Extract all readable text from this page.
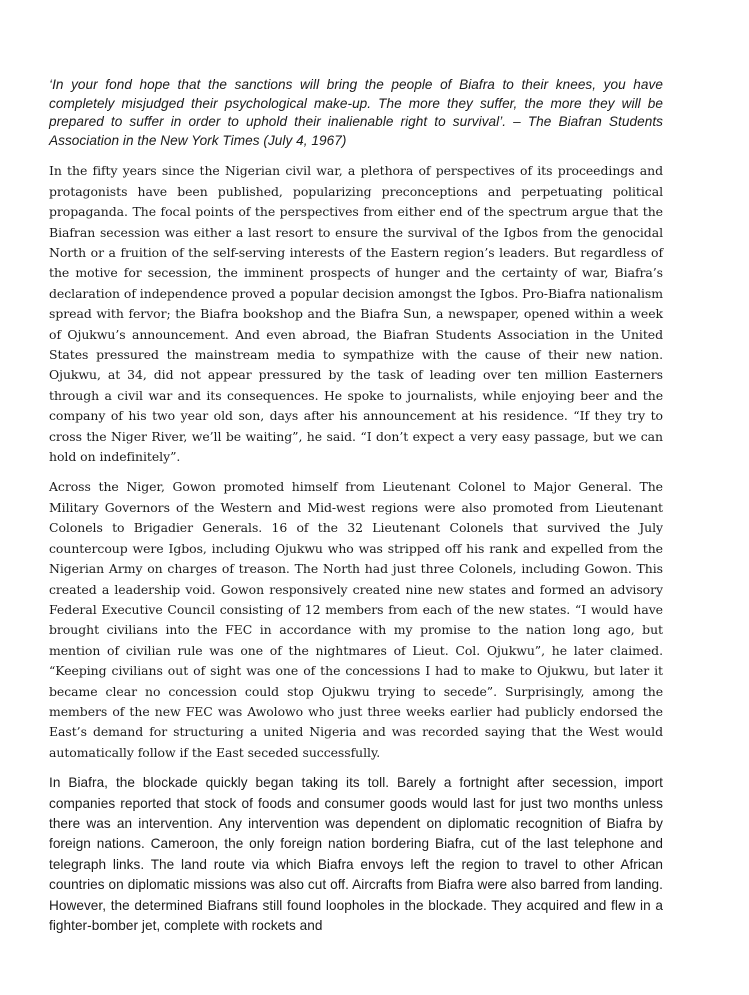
‘In your fond hope that the sanctions will bring the people of Biafra to their knees, you have completely misjudged their psychological make-up. The more they suffer, the more they will be prepared to suffer in order to uphold their inalienable right to survival’. – The Biafran Students Association in the New York Times (July 4, 1967)

In the fifty years since the Nigerian civil war, a plethora of perspectives of its proceedings and protagonists have been published, popularizing preconceptions and perpetuating political propaganda. The focal points of the perspectives from either end of the spectrum argue that the Biafran secession was either a last resort to ensure the survival of the Igbos from the genocidal North or a fruition of the self-serving interests of the Eastern region’s leaders. But regardless of the motive for secession, the imminent prospects of hunger and the certainty of war, Biafra’s declaration of independence proved a popular decision amongst the Igbos. Pro-Biafra nationalism spread with fervor; the Biafra bookshop and the Biafra Sun, a newspaper, opened within a week of Ojukwu’s announcement. And even abroad, the Biafran Students Association in the United States pressured the mainstream media to sympathize with the cause of their new nation. Ojukwu, at 34, did not appear pressured by the task of leading over ten million Easterners through a civil war and its consequences. He spoke to journalists, while enjoying beer and the company of his two year old son, days after his announcement at his residence. “If they try to cross the Niger River, we’ll be waiting”, he said. “I don’t expect a very easy passage, but we can hold on indefinitely”.

Across the Niger, Gowon promoted himself from Lieutenant Colonel to Major General. The Military Governors of the Western and Mid-west regions were also promoted from Lieutenant Colonels to Brigadier Generals. 16 of the 32 Lieutenant Colonels that survived the July countercoup were Igbos, including Ojukwu who was stripped off his rank and expelled from the Nigerian Army on charges of treason. The North had just three Colonels, including Gowon. This created a leadership void. Gowon responsively created nine new states and formed an advisory Federal Executive Council consisting of 12 members from each of the new states. “I would have brought civilians into the FEC in accordance with my promise to the nation long ago, but mention of civilian rule was one of the nightmares of Lieut. Col. Ojukwu”, he later claimed. “Keeping civilians out of sight was one of the concessions I had to make to Ojukwu, but later it became clear no concession could stop Ojukwu trying to secede”. Surprisingly, among the members of the new FEC was Awolowo who just three weeks earlier had publicly endorsed the East’s demand for structuring a united Nigeria and was recorded saying that the West would automatically follow if the East seceded successfully.

In Biafra, the blockade quickly began taking its toll. Barely a fortnight after secession, import companies reported that stock of foods and consumer goods would last for just two months unless there was an intervention. Any intervention was dependent on diplomatic recognition of Biafra by foreign nations. Cameroon, the only foreign nation bordering Biafra, cut of the last telephone and telegraph links. The land route via which Biafra envoys left the region to travel to other African countries on diplomatic missions was also cut off. Aircrafts from Biafra were also barred from landing. However, the determined Biafrans still found loopholes in the blockade. They acquired and flew in a fighter-bomber jet, complete with rockets and
